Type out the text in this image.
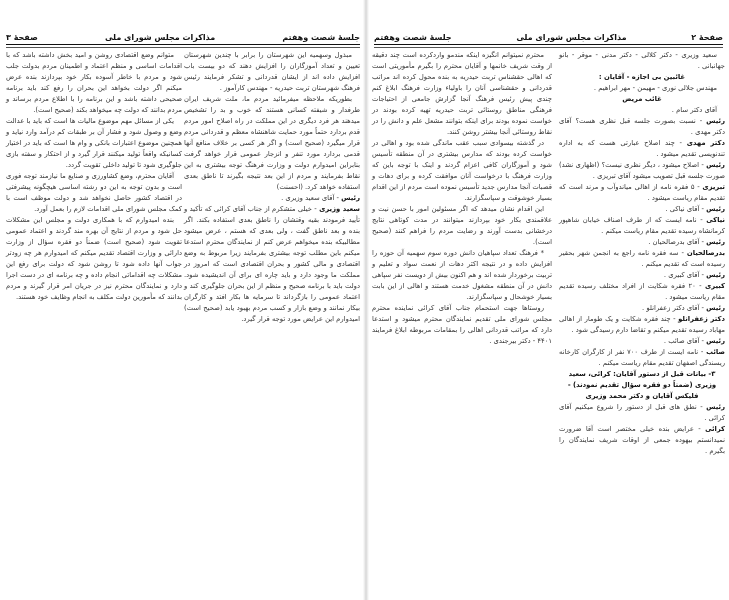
جلسهٔ شصت وهفتم
مذاکرات مجلس شورای ملی
صفحهٔ ۳

مبذول وسهمیه این شهرستان را برابر با چندین شهرستان تعیین و تعداد آموزگاران را افزایش دهند که دو بیست باب افزایش داده اند از ایشان قدردانی و تشکر فرمایند رئیس فرهنگ شهرستان تربت حیدریه - مهندس کارآموز .

بطوریکه ملاحظه میفرمائید مردم ما، ملت شریف ایران طرفدار و شیفته کسانی هستند که خوب و بد را تشخیص میدهند هر فرد دیگری در این مملکت در راه اصلاح امور مردم قدم بردارد حتماً مورد حمایت شاهنشاه معظم و قدردانی مردم قرار میگیرد (صحیح است) و اگر هر کسی بر خلاف منافع آنها قدمی بردارد مورد تنفر و انزجار عمومی قرار خواهد گرفت بنابراین امیدوارم دولت و وزارت فرهنگ توجه بیشتری به این نقاط بفرمایند و مردم از این بعد نتیجه بگیرند تا ناطق بعدی استفاده خواهد کرد. (احسنت)

رئیس - آقای سعید وزیری .

سعید وزیری - خیلی متشکرم از جناب آقای کرائی که تأکید و تأیید فرمودند بقیه وقتشان را ناطق بعدی استفاده بکند. اگر بنده و بعد ناطق گفت ، ولی بعدی که هستم ، عرض میشود مطالبیکه بنده میخواهم عرض کنم از نمایندگان محترم استدعا میکنم باین مطلب توجه بیشتری بفرمایند زیرا مربوط به وضع اقتصادی و مالی کشور و بحران اقتصادی است که امروز در مملکت ما وجود دارد و باید چاره ای برای آن اندیشیده شود. دولت باید با برنامه صحیح و منظم از این بحران جلوگیری کند و اعتماد عمومی را بازگرداند تا سرمایه ها بکار افتد و کارگران بیکار نمانند و وضع بازار و کسب مردم بهبود یابد (صحیح است) امیدوارم این عرایض مورد توجه قرار گیرد.

متوانم وضع اقتصادی روشن و امید بخش داشته باشد که با اقدامات اساسی و منظم اعتماد و اطمینان مردم بدولت جلب شود و مردم با خاطر آسوده بکار خود بپردازند بنده عرض میکنم اگر دولت بخواهد این بحران را رفع کند باید برنامه صحیحی داشته باشد و این برنامه را با اطلاع مردم برساند و مردم بدانند که دولت چه میخواهد بکند (صحیح است).

یکی از مسائل مهم موضوع مالیات ها است که باید با عدالت وضع و وصول شود و فشار آن بر طبقات کم درآمد وارد نیاید و همچنین موضوع اعتبارات بانکی و وام ها است که باید در اختیار کسانیکه واقعاً تولید میکنند قرار گیرد و از احتکار و سفته بازی جلوگیری شود تا تولید داخلی تقویت گردد.

آقایان محترم، وضع کشاورزی و صنایع ما نیازمند توجه فوری است و بدون توجه به این دو رشته اساسی هیچگونه پیشرفتی در اقتصاد کشور حاصل نخواهد شد و دولت موظف است با کمک مجلس شورای ملی اقدامات لازم را بعمل آورد.

بنده امیدوارم که با همکاری دولت و مجلس این مشکلات حل شود و مردم از نتایج آن بهره مند گردند و اعتماد عمومی تقویت شود (صحیح است) ضمناً دو فقره سؤال از وزارت دارائی و وزارت اقتصاد تقدیم میکنم که امیدوارم هر چه زودتر جواب آنها داده شود تا روشن شود که دولت برای رفع این مشکلات چه اقداماتی انجام داده و چه برنامه ای در دست اجرا دارد و نمایندگان محترم نیز در جریان امر قرار گیرند و مردم بدانند که مأمورین دولت مکلف به انجام وظایف خود هستند.

صفحهٔ ۲
مذاکرات مجلس شورای ملی
جلسهٔ شصت وهفتم

سعید وزیری - دکتر کلالی - دکتر مدنی - موقر - بانو جهانبانی .

غائبین بی اجازه - آقایان :

مهندس جلالی نوری - مهیمن - مهر ابراهیم .

غائب مریض

آقای دکتر سام .

رئیس - نسبت بصورت جلسه قبل نظری هست؟ آقای دکتر مهدی .

دکتر مهدی - چند اصلاح عبارتی هست که به اداره تندنویسی تقدیم میشود .

رئیس - اصلاح میشود ، دیگر نظری نیست؟ (اظهاری نشد) صورت جلسه قبل تصویب میشود آقای تبریزی .

تبریزی - ۵ فقره نامه از اهالی میاندوآب و مرند است که تقدیم مقام ریاست میشود .

رئیس - آقای نیاکی .

نیاکی - نامه ایست که از طرف اصناف خیابان شاهپور کرمانشاه رسیده تقدیم مقام ریاست میکنم .

رئیس - آقای بدرصالحیان .

بدرصالحیان - سه فقره نامه راجع به انجمن شهر بحقیر رسیده است که تقدیم میکنم .

رئیس - آقای کبیری .

کبیری - ۲۰ فقره شکایت از افراد مختلف رسیده تقدیم مقام ریاست میشود .

رئیس - آقای دکتر زعفرانلو .

دکتر زعفرانلو - چند فقره شکایت و یک طومار از اهالی مهاباد رسیده تقدیم میکنم و تقاضا دارم رسیدگی شود .

رئیس - آقای صائب .

صائب - نامه ایست از طرف ۷۰۰ نفر از کارگران کارخانه ریسندگی اصفهان تقدیم مقام ریاست میکنم .

۳- بیانات قبل از دستور آقایان: کرائی، سعید وزیری (ضمناً دو فقره سؤال تقدیم نمودند) - فلیکس آقایان و دکتر محمد وزیری

رئیس - نطق های قبل از دستور را شروع میکنیم آقای کرائی .

کرائی - عرایض بنده خیلی مختصر است آقا ضرورت نمیدانستم بیهوده جمعی از اوقات شریف نمایندگان را بگیرم .

محترم نمیتوانم انگیزه اینکه مندمو واردکرده است چند دقیقه از وقت شریف خانمها و آقایان محترم را بگیرم مأموریتی است که اهالی حقشناس تربت حیدریه به بنده محول کرده اند مراتب قدردانی و حقشناسی آنان را باولیاء وزارت فرهنگ ابلاغ کنم چندی پیش رئیس فرهنگ آنجا گزارش جامعی از احتیاجات فرهنگی مناطق روستائی تربت حیدریه تهیه کرده بودند در خواست نموده بودند برای اینکه بتوانند مشعل علم و دانش را در نقاط روستائی آنجا بیشتر روشن کنند.

در گذشته بیسوادی سبب عقب ماندگی شده بود و اهالی در خواست کرده بودند که مدارس بیشتری در آن منطقه تأسیس شود و آموزگاران کافی اعزام گردند و اینک با توجه باین که وزارت فرهنگ با درخواست آنان موافقت کرده و برای دهات و قصبات آنجا مدارس جدید تأسیس نموده است مردم از این اقدام بسیار خوشوقت و سپاسگزارند.

این اقدام نشان میدهد که اگر مسئولین امور با حسن نیت و علاقمندی بکار خود بپردازند میتوانند در مدت کوتاهی نتایج درخشانی بدست آورند و رضایت مردم را فراهم کنند (صحیح است).

* فرهنگ تعداد سپاهیان دانش دوره سوم سهمیه آن حوزه را افزایش داده و در نتیجه اکثر دهات از نعمت سواد و تعلیم و تربیت برخوردار شده اند و هم اکنون بیش از دویست نفر سپاهی دانش در آن منطقه مشغول خدمت هستند و اهالی از این بابت بسیار خوشحال و سپاسگزارند.

روستاها جهت استحمام جناب آقای کرائی نماینده محترم مجلس شورای ملی تقدیم نمایندگان محترم میشود و استدعا دارد که مراتب قدردانی اهالی را بمقامات مربوطه ابلاغ فرمایند ۴۴۰۱ - دکتر بیرجندی .
